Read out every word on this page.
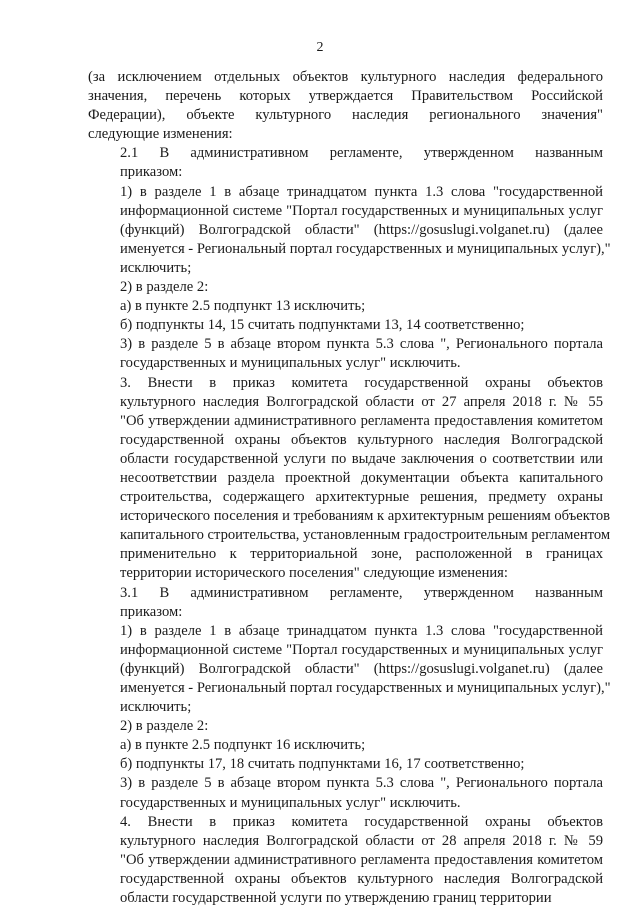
2

(за исключением отдельных объектов культурного наследия федерального
значения, перечень которых утверждается Правительством Российской
Федерации), объекте культурного наследия регионального значения"
следующие изменения:

2.1 В административном регламенте, утвержденном названным
приказом:

1) в разделе 1 в абзаце тринадцатом пункта 1.3 слова "государственной
информационной системе "Портал государственных и муниципальных услуг
(функций) Волгоградской области" (https://gosuslugi.volganet.ru) (далее
именуется - Региональный портал государственных и муниципальных услуг),"
исключить;

2) в разделе 2:

а) в пункте 2.5 подпункт 13 исключить;

б) подпункты 14, 15 считать подпунктами 13, 14 соответственно;

3) в разделе 5 в абзаце втором пункта 5.3 слова ", Регионального портала
государственных и муниципальных услуг" исключить.

3. Внести в приказ комитета государственной охраны объектов
культурного наследия Волгоградской области от 27 апреля 2018 г. № 55
"Об утверждении административного регламента предоставления комитетом
государственной охраны объектов культурного наследия Волгоградской
области государственной услуги по выдаче заключения о соответствии или
несоответствии раздела проектной документации объекта капитального
строительства, содержащего архитектурные решения, предмету охраны
исторического поселения и требованиям к архитектурным решениям объектов
капитального строительства, установленным градостроительным регламентом
применительно к территориальной зоне, расположенной в границах
территории исторического поселения" следующие изменения:

3.1 В административном регламенте, утвержденном названным
приказом:

1) в разделе 1 в абзаце тринадцатом пункта 1.3 слова "государственной
информационной системе "Портал государственных и муниципальных услуг
(функций) Волгоградской области" (https://gosuslugi.volganet.ru) (далее
именуется - Региональный портал государственных и муниципальных услуг),"
исключить;

2) в разделе 2:

а) в пункте 2.5 подпункт 16 исключить;

б) подпункты 17, 18 считать подпунктами 16, 17 соответственно;

3) в разделе 5 в абзаце втором пункта 5.3 слова ", Регионального портала
государственных и муниципальных услуг" исключить.

4. Внести в приказ комитета государственной охраны объектов
культурного наследия Волгоградской области от 28 апреля 2018 г. № 59
"Об утверждении административного регламента предоставления комитетом
государственной охраны объектов культурного наследия Волгоградской
области государственной услуги по утверждению границ территории
